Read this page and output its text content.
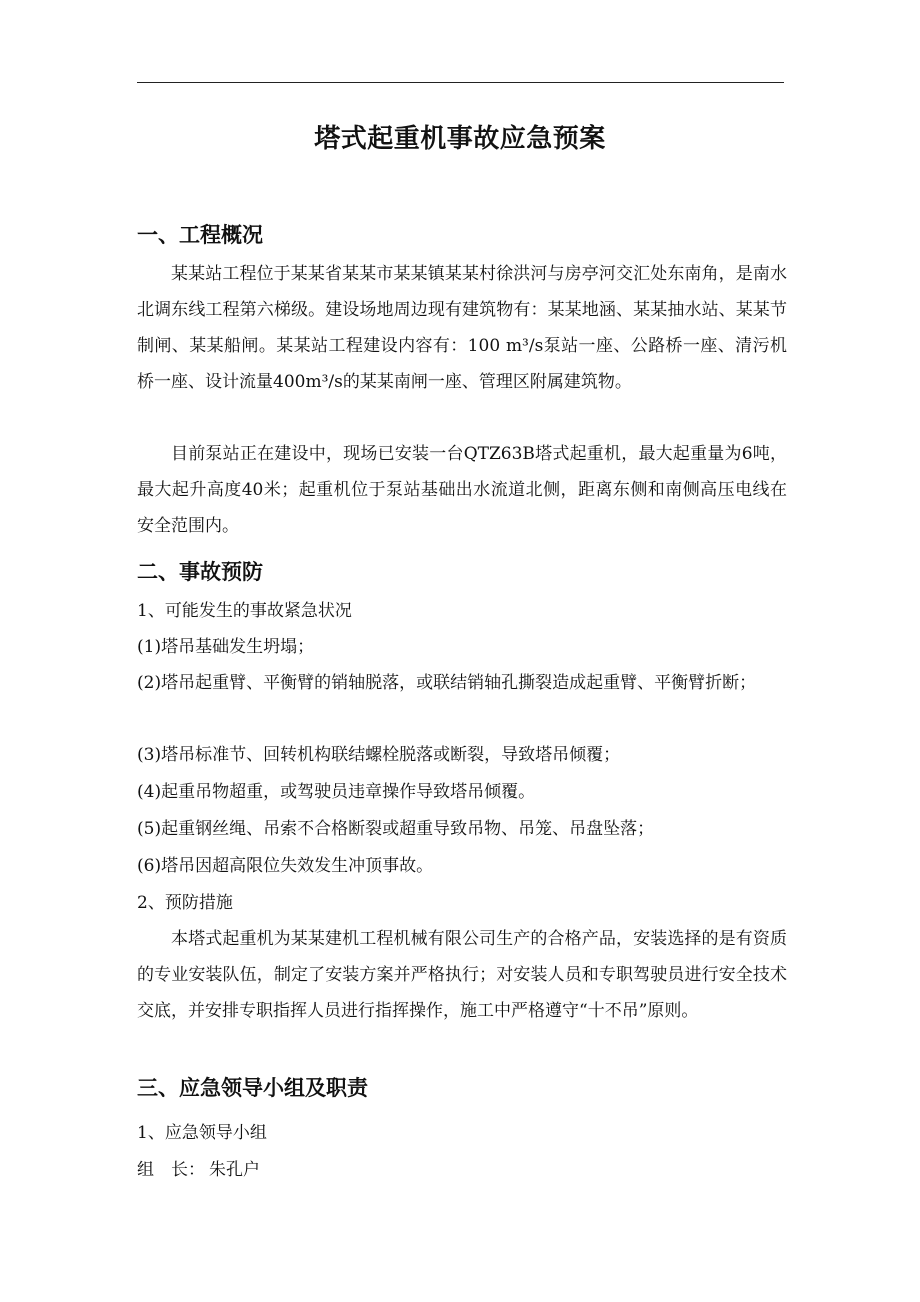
塔式起重机事故应急预案
一、工程概况
某某站工程位于某某省某某市某某镇某某村徐洪河与房亭河交汇处东南角，是南水北调东线工程第六梯级。建设场地周边现有建筑物有：某某地涵、某某抽水站、某某节制闸、某某船闸。某某站工程建设内容有：100 m³/s泵站一座、公路桥一座、清污机桥一座、设计流量400m³/s的某某南闸一座、管理区附属建筑物。
目前泵站正在建设中，现场已安装一台QTZ63B塔式起重机，最大起重量为6吨，最大起升高度40米；起重机位于泵站基础出水流道北侧，距离东侧和南侧高压电线在安全范围内。
二、事故预防
1、可能发生的事故紧急状况
(1)塔吊基础发生坍塌；
(2)塔吊起重臂、平衡臂的销轴脱落，或联结销轴孔撕裂造成起重臂、平衡臂折断；
(3)塔吊标准节、回转机构联结螺栓脱落或断裂，导致塔吊倾覆；
(4)起重吊物超重，或驾驶员违章操作导致塔吊倾覆。
(5)起重钢丝绳、吊索不合格断裂或超重导致吊物、吊笼、吊盘坠落；
(6)塔吊因超高限位失效发生冲顶事故。
2、预防措施
本塔式起重机为某某建机工程机械有限公司生产的合格产品，安装选择的是有资质的专业安装队伍，制定了安装方案并严格执行；对安装人员和专职驾驶员进行安全技术交底，并安排专职指挥人员进行指挥操作，施工中严格遵守“十不吊”原则。
三、应急领导小组及职责
1、应急领导小组
组　长： 朱孔户
